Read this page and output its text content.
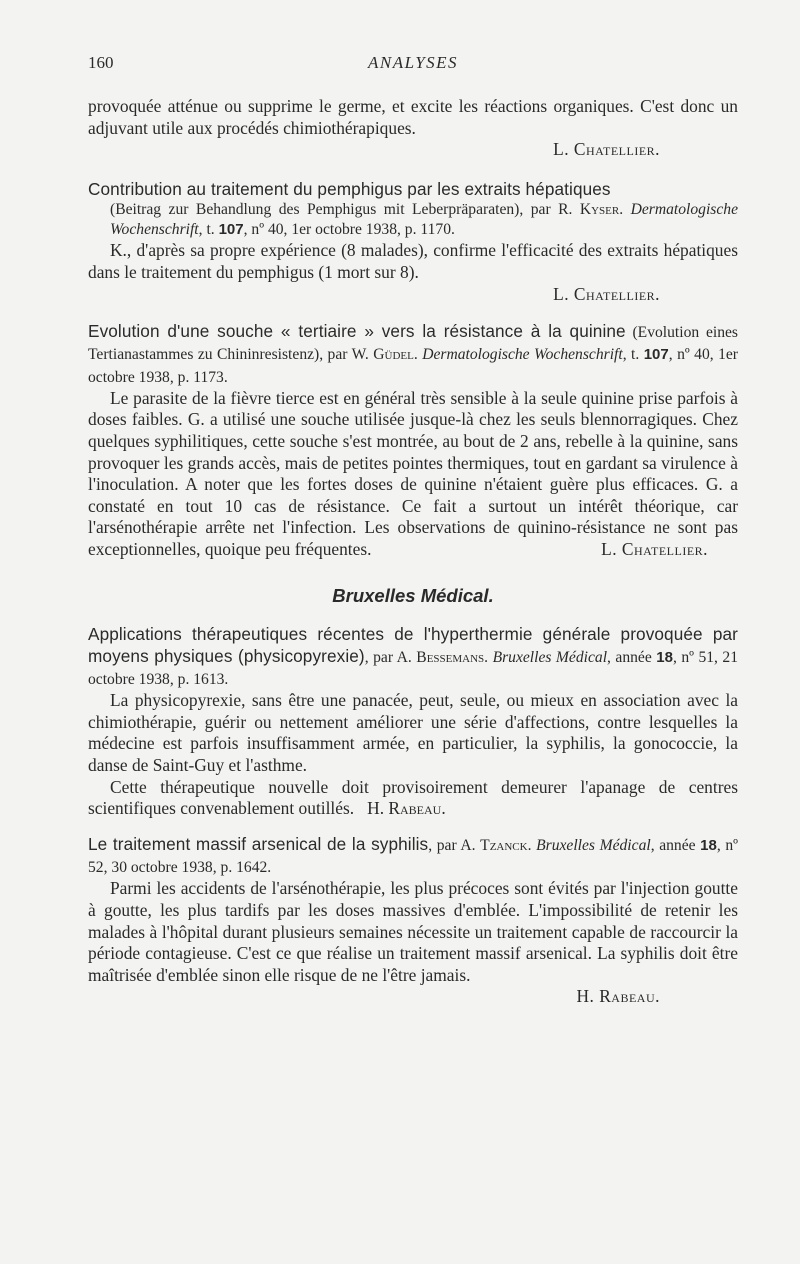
160	ANALYSES

provoquée atténue ou supprime le germe, et excite les réactions organiques. C'est donc un adjuvant utile aux procédés chimiothérapiques.

L. Chatellier.

Contribution au traitement du pemphigus par les extraits hépatiques

(Beitrag zur Behandlung des Pemphigus mit Leberpräparaten), par R. Kyser. Dermatologische Wochenschrift, t. 107, nº 40, 1er octobre 1938, p. 1170.

K., d'après sa propre expérience (8 malades), confirme l'efficacité des extraits hépatiques dans le traitement du pemphigus (1 mort sur 8).

L. Chatellier.

Evolution d'une souche « tertiaire » vers la résistance à la quinine (Evolution eines Tertianastammes zu Chininresistenz), par W. Güdel. Dermatologische Wochenschrift, t. 107, nº 40, 1er octobre 1938, p. 1173.

Le parasite de la fièvre tierce est en général très sensible à la seule quinine prise parfois à doses faibles. G. a utilisé une souche utilisée jusque-là chez les seuls blennorragiques. Chez quelques syphilitiques, cette souche s'est montrée, au bout de 2 ans, rebelle à la quinine, sans provoquer les grands accès, mais de petites pointes thermiques, tout en gardant sa virulence à l'inoculation. A noter que les fortes doses de quinine n'étaient guère plus efficaces. G. a constaté en tout 10 cas de résistance. Ce fait a surtout un intérêt théorique, car l'arsénothérapie arrête net l'infection. Les observations de quinino-résistance ne sont pas exceptionnelles, quoique peu fréquentes.	L. Chatellier.

Bruxelles Médical.

Applications thérapeutiques récentes de l'hyperthermie générale provoquée par moyens physiques (physicopyrexie), par A. Bessemans. Bruxelles Médical, année 18, nº 51, 21 octobre 1938, p. 1613.

La physicopyrexie, sans être une panacée, peut, seule, ou mieux en association avec la chimiothérapie, guérir ou nettement améliorer une série d'affections, contre lesquelles la médecine est parfois insuffisamment armée, en particulier, la syphilis, la gonococcie, la danse de Saint-Guy et l'asthme.

Cette thérapeutique nouvelle doit provisoirement demeurer l'apanage de centres scientifiques convenablement outillés. H. Rabeau.

Le traitement massif arsenical de la syphilis, par A. Tzanck. Bruxelles Médical, année 18, nº 52, 30 octobre 1938, p. 1642.

Parmi les accidents de l'arsénothérapie, les plus précoces sont évités par l'injection goutte à goutte, les plus tardifs par les doses massives d'emblée. L'impossibilité de retenir les malades à l'hôpital durant plusieurs semaines nécessite un traitement capable de raccourcir la période contagieuse. C'est ce que réalise un traitement massif arsenical. La syphilis doit être maîtrisée d'emblée sinon elle risque de ne l'être jamais.

H. Rabeau.
